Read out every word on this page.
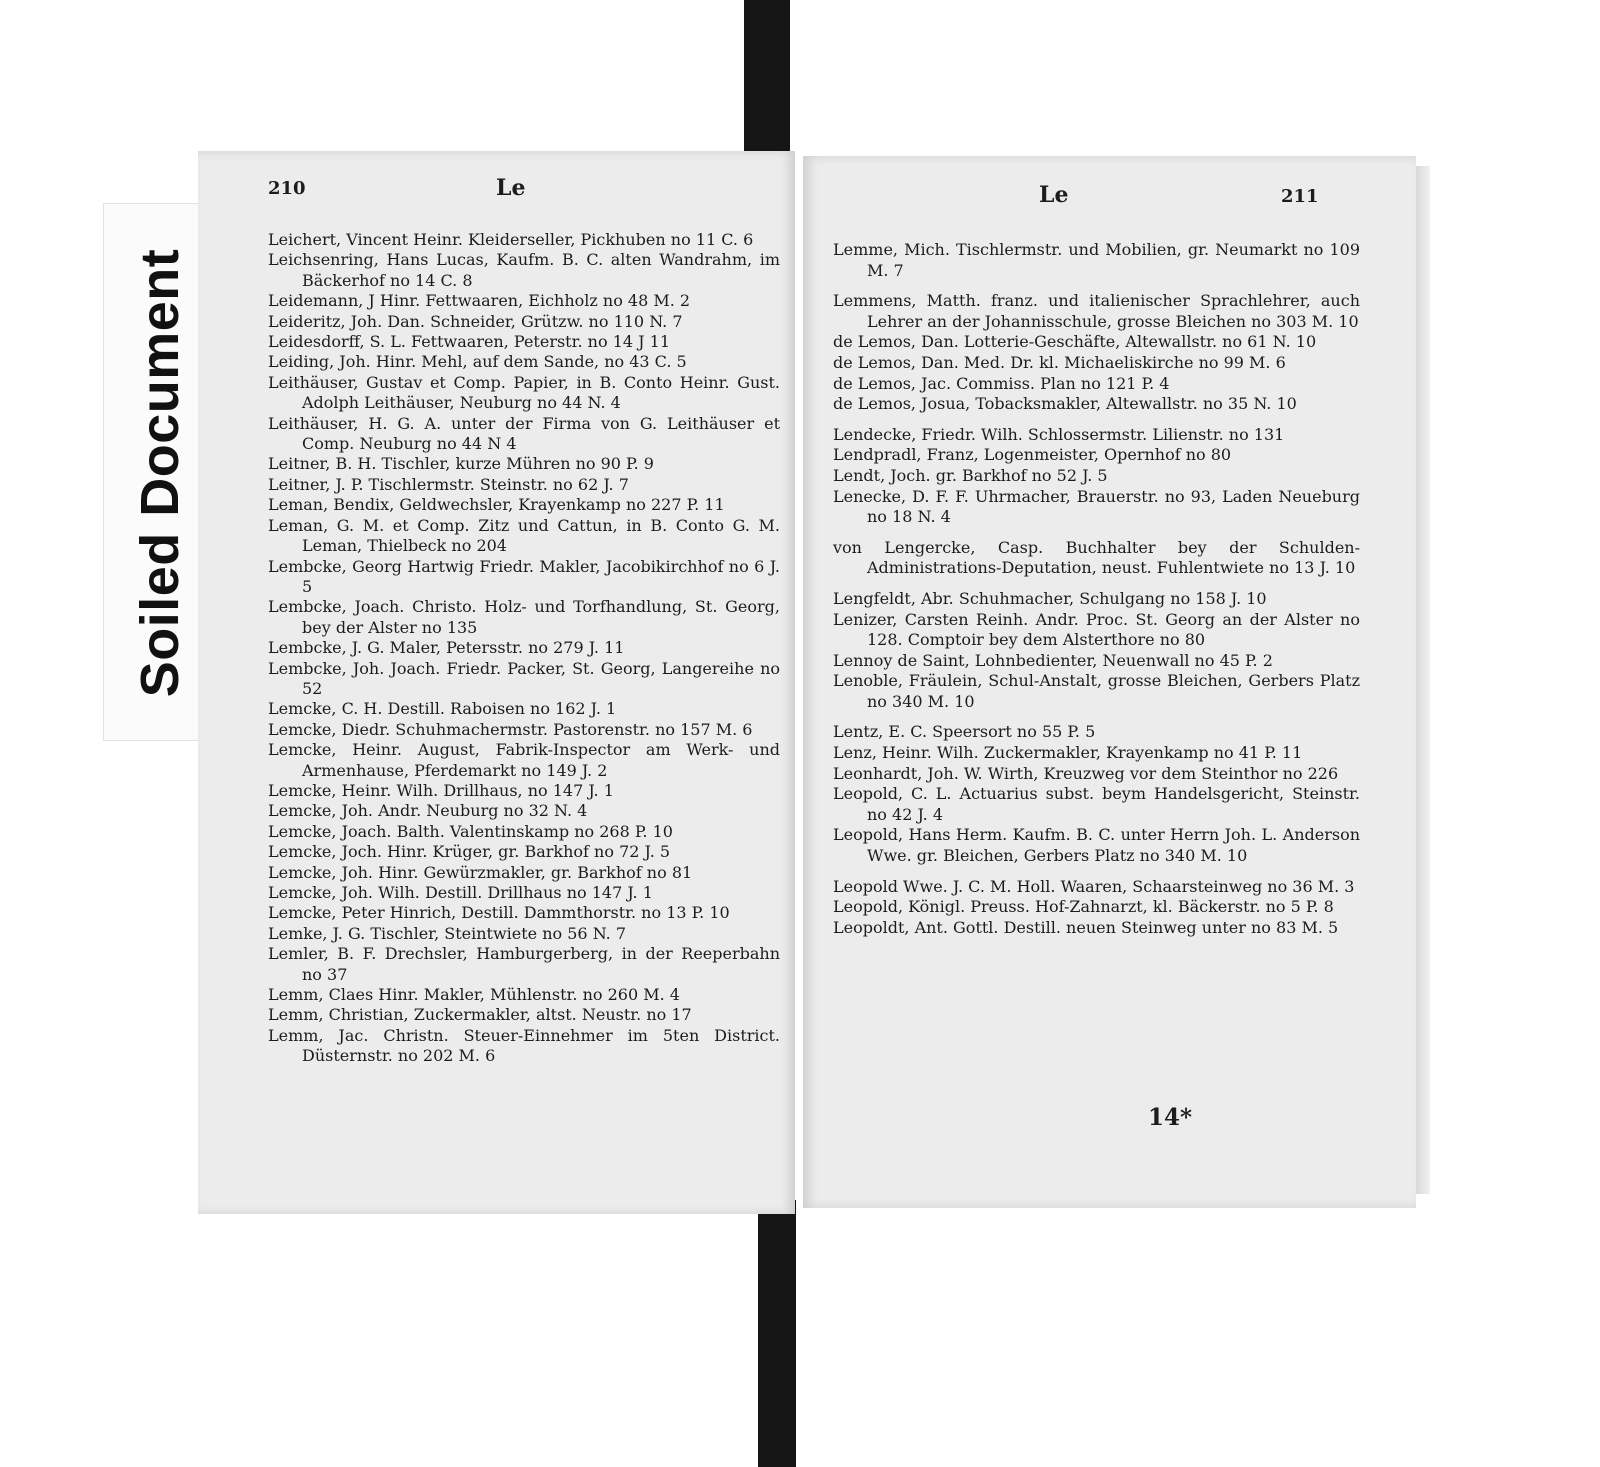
Soiled Document
210	Le
Leichert, Vincent Heinr. Kleiderseller, Pickhuben no 11 C. 6
Leichsenring, Hans Lucas, Kaufm. B. C. alten Wandrahm, im Bäckerhof no 14 C. 8
Leidemann, J Hinr. Fettwaaren, Eichholz no 48 M. 2
Leideritz, Joh. Dan. Schneider, Grützw. no 110 N. 7
Leidesdorff, S. L. Fettwaaren, Peterstr. no 14 J 11
Leiding, Joh. Hinr. Mehl, auf dem Sande, no 43 C. 5
Leithäuser, Gustav et Comp. Papier, in B. Conto Heinr. Gust. Adolph Leithäuser, Neuburg no 44 N. 4
Leithäuser, H. G. A. unter der Firma von G. Leithäuser et Comp. Neuburg no 44 N 4
Leitner, B. H. Tischler, kurze Mühren no 90 P. 9
Leitner, J. P. Tischlermstr. Steinstr. no 62 J. 7
Leman, Bendix, Geldwechsler, Krayenkamp no 227 P. 11
Leman, G. M. et Comp. Zitz und Cattun, in B. Conto G. M. Leman, Thielbeck no 204
Lembcke, Georg Hartwig Friedr. Makler, Jacobikirchhof no 6 J. 5
Lembcke, Joach. Christo. Holz- und Torfhandlung, St. Georg, bey der Alster no 135
Lembcke, J. G. Maler, Petersstr. no 279 J. 11
Lembcke, Joh. Joach. Friedr. Packer, St. Georg, Langereihe no 52
Lemcke, C. H. Destill. Raboisen no 162 J. 1
Lemcke, Diedr. Schuhmachermstr. Pastorenstr. no 157 M. 6
Lemcke, Heinr. August, Fabrik-Inspector am Werk- und Armenhause, Pferdemarkt no 149 J. 2
Lemcke, Heinr. Wilh. Drillhaus, no 147 J. 1
Lemcke, Joh. Andr. Neuburg no 32 N. 4
Lemcke, Joach. Balth. Valentinskamp no 268 P. 10
Lemcke, Joch. Hinr. Krüger, gr. Barkhof no 72 J. 5
Lemcke, Joh. Hinr. Gewürzmakler, gr. Barkhof no 81
Lemcke, Joh. Wilh. Destill. Drillhaus no 147 J. 1
Lemcke, Peter Hinrich, Destill. Dammthorstr. no 13 P. 10
Lemke, J. G. Tischler, Steintwiete no 56 N. 7
Lemler, B. F. Drechsler, Hamburgerberg, in der Reeperbahn no 37
Lemm, Claes Hinr. Makler, Mühlenstr. no 260 M. 4
Lemm, Christian, Zuckermakler, altst. Neustr. no 17
Lemm, Jac. Christn. Steuer-Einnehmer im 5ten District. Düsternstr. no 202 M. 6
Le	211
Lemme, Mich. Tischlermstr. und Mobilien, gr. Neumarkt no 109 M. 7
Lemmens, Matth. franz. und italienischer Sprachlehrer, auch Lehrer an der Johannisschule, grosse Bleichen no 303 M. 10
de Lemos, Dan. Lotterie-Geschäfte, Altewallstr. no 61 N. 10
de Lemos, Dan. Med. Dr. kl. Michaeliskirche no 99 M. 6
de Lemos, Jac. Commiss. Plan no 121 P. 4
de Lemos, Josua, Tobacksmakler, Altewallstr. no 35 N. 10
Lendecke, Friedr. Wilh. Schlossermstr. Lilienstr. no 131
Lendpradl, Franz, Logenmeister, Opernhof no 80
Lendt, Joch. gr. Barkhof no 52 J. 5
Lenecke, D. F. F. Uhrmacher, Brauerstr. no 93, Laden Neueburg no 18 N. 4
von Lengercke, Casp. Buchhalter bey der Schulden-Administrations-Deputation, neust. Fuhlentwiete no 13 J. 10
Lengfeldt, Abr. Schuhmacher, Schulgang no 158 J. 10
Lenizer, Carsten Reinh. Andr. Proc. St. Georg an der Alster no 128. Comptoir bey dem Alsterthore no 80
Lennoy de Saint, Lohnbedienter, Neuenwall no 45 P. 2
Lenoble, Fräulein, Schul-Anstalt, grosse Bleichen, Gerbers Platz no 340 M. 10
Lentz, E. C. Speersort no 55 P. 5
Lenz, Heinr. Wilh. Zuckermakler, Krayenkamp no 41 P. 11
Leonhardt, Joh. W. Wirth, Kreuzweg vor dem Steinthor no 226
Leopold, C. L. Actuarius subst. beym Handelsgericht, Steinstr. no 42 J. 4
Leopold, Hans Herm. Kaufm. B. C. unter Herrn Joh. L. Anderson Wwe. gr. Bleichen, Gerbers Platz no 340 M. 10
Leopold Wwe. J. C. M. Holl. Waaren, Schaarsteinweg no 36 M. 3
Leopold, Königl. Preuss. Hof-Zahnarzt, kl. Bäckerstr. no 5 P. 8
Leopoldt, Ant. Gottl. Destill. neuen Steinweg unter no 83 M. 5
14*
